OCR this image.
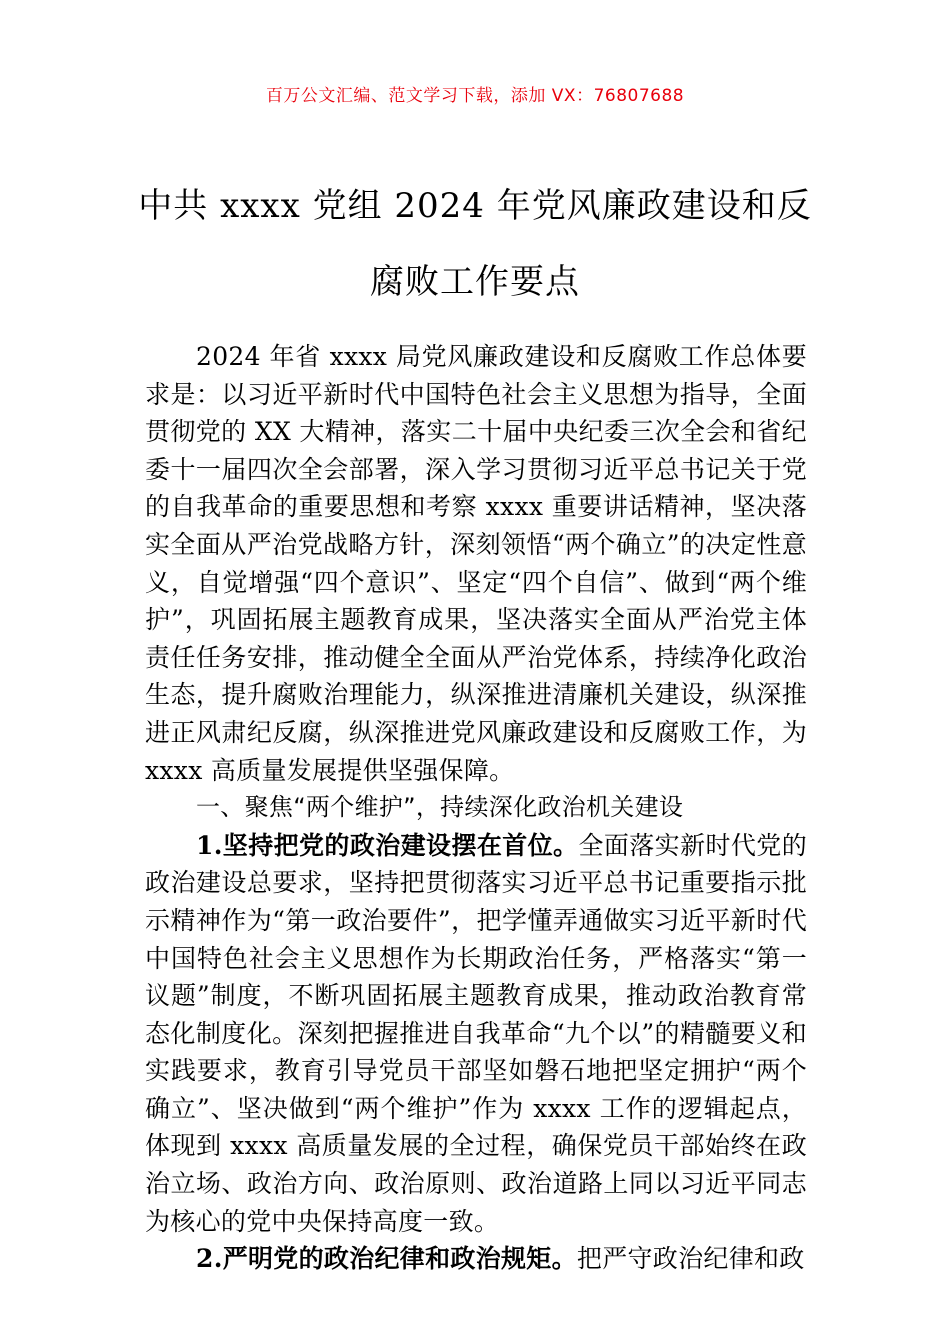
百万公文汇编、范文学习下载，添加 VX：76807688
中共 xxxx 党组 2024 年党风廉政建设和反腐败工作要点

2024 年省 xxxx 局党风廉政建设和反腐败工作总体要求是：以习近平新时代中国特色社会主义思想为指导，全面贯彻党的 XX 大精神，落实二十届中央纪委三次全会和省纪委十一届四次全会部署，深入学习贯彻习近平总书记关于党的自我革命的重要思想和考察 xxxx 重要讲话精神，坚决落实全面从严治党战略方针，深刻领悟“两个确立”的决定性意义，自觉增强“四个意识”、坚定“四个自信”、做到“两个维护”，巩固拓展主题教育成果，坚决落实全面从严治党主体责任任务安排，推动健全全面从严治党体系，持续净化政治生态，提升腐败治理能力，纵深推进清廉机关建设，纵深推进正风肃纪反腐，纵深推进党风廉政建设和反腐败工作，为 xxxx 高质量发展提供坚强保障。

一、聚焦“两个维护”，持续深化政治机关建设

1.坚持把党的政治建设摆在首位。全面落实新时代党的政治建设总要求，坚持把贯彻落实习近平总书记重要指示批示精神作为“第一政治要件”，把学懂弄通做实习近平新时代中国特色社会主义思想作为长期政治任务，严格落实“第一议题”制度，不断巩固拓展主题教育成果，推动政治教育常态化制度化。深刻把握推进自我革命“九个以”的精髓要义和实践要求，教育引导党员干部坚如磐石地把坚定拥护“两个确立”、坚决做到“两个维护”作为 xxxx 工作的逻辑起点，体现到 xxxx 高质量发展的全过程，确保党员干部始终在政治立场、政治方向、政治原则、政治道路上同以习近平同志为核心的党中央保持高度一致。

2.严明党的政治纪律和政治规矩。把严守政治纪律和政
